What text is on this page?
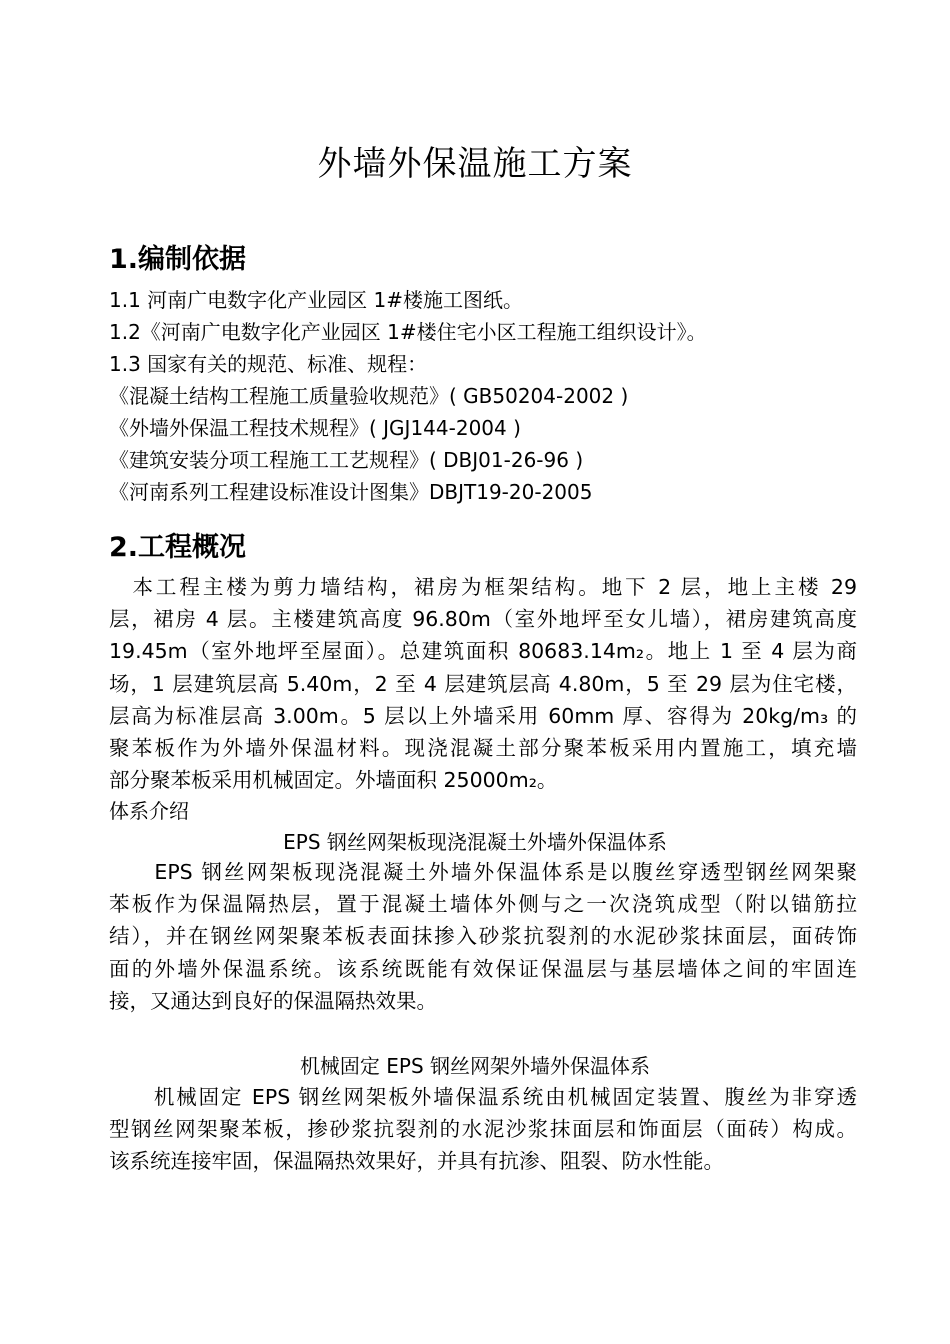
外墙外保温施工方案
1.编制依据
1.1 河南广电数字化产业园区 1#楼施工图纸。
1.2《河南广电数字化产业园区 1#楼住宅小区工程施工组织设计》。
1.3 国家有关的规范、标准、规程：
《混凝土结构工程施工质量验收规范》( GB50204-2002 )
《外墙外保温工程技术规程》( JGJ144-2004 )
《建筑安装分项工程施工工艺规程》( DBJ01-26-96 )
《河南系列工程建设标准设计图集》DBJT19-20-2005
2.工程概况
　本工程主楼为剪力墙结构，裙房为框架结构。地下 2 层，地上主楼 29
层，裙房 4 层。主楼建筑高度 96.80m（室外地坪至女儿墙），裙房建筑高度
19.45m（室外地坪至屋面）。总建筑面积 80683.14m₂。地上 1 至 4 层为商
场，1 层建筑层高 5.40m，2 至 4 层建筑层高 4.80m，5 至 29 层为住宅楼，
层高为标准层高 3.00m。5 层以上外墙采用 60mm 厚、容得为 20kg/m₃ 的
聚苯板作为外墙外保温材料。现浇混凝土部分聚苯板采用内置施工，填充墙
部分聚苯板采用机械固定。外墙面积 25000m₂。
体系介绍
EPS 钢丝网架板现浇混凝土外墙外保温体系
　　EPS 钢丝网架板现浇混凝土外墙外保温体系是以腹丝穿透型钢丝网架聚
苯板作为保温隔热层，置于混凝土墙体外侧与之一次浇筑成型（附以锚筋拉
结），并在钢丝网架聚苯板表面抹掺入砂浆抗裂剂的水泥砂浆抹面层，面砖饰
面的外墙外保温系统。该系统既能有效保证保温层与基层墙体之间的牢固连
接，又通达到良好的保温隔热效果。
机械固定 EPS 钢丝网架外墙外保温体系
　　机械固定 EPS 钢丝网架板外墙保温系统由机械固定装置、腹丝为非穿透
型钢丝网架聚苯板，掺砂浆抗裂剂的水泥沙浆抹面层和饰面层（面砖）构成。
该系统连接牢固，保温隔热效果好，并具有抗渗、阻裂、防水性能。
